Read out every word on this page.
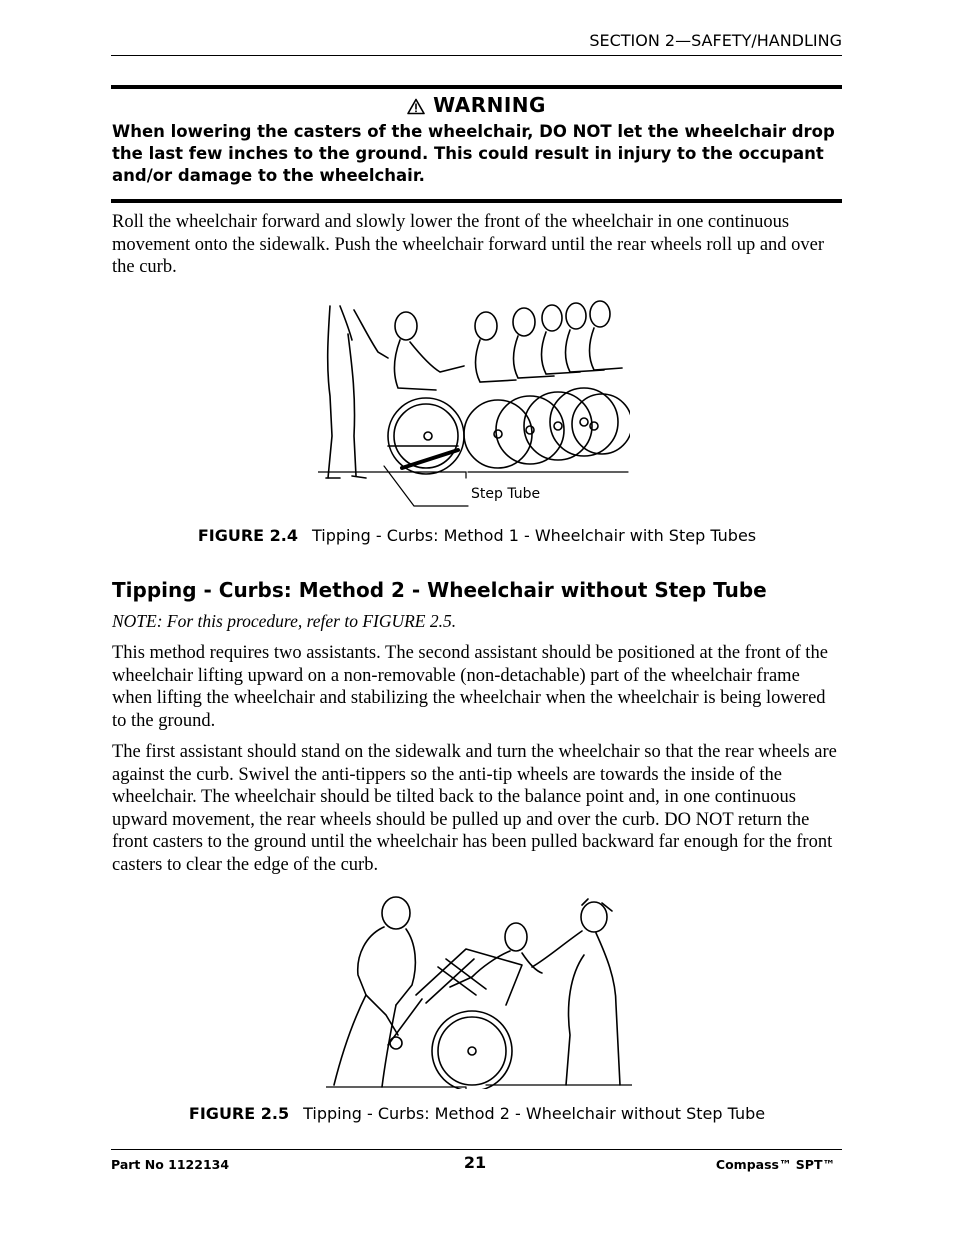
SECTION 2—SAFETY/HANDLING
WARNING
When lowering the casters of the wheelchair, DO NOT let the wheelchair drop the last few inches to the ground. This could result in injury to the occupant and/or damage to the wheelchair.
Roll the wheelchair forward and slowly lower the front of the wheelchair in one continuous movement onto the sidewalk. Push the wheelchair forward until the rear wheels roll up and over the curb.
Step Tube
FIGURE 2.4 Tipping - Curbs: Method 1 - Wheelchair with Step Tubes
Tipping - Curbs: Method 2 - Wheelchair without Step Tube
NOTE: For this procedure, refer to FIGURE 2.5.
This method requires two assistants. The second assistant should be positioned at the front of the wheelchair lifting upward on a non-removable (non-detachable) part of the wheelchair frame when lifting the wheelchair and stabilizing the wheelchair when the wheelchair is being lowered to the ground.
The first assistant should stand on the sidewalk and turn the wheelchair so that the rear wheels are against the curb. Swivel the anti-tippers so the anti-tip wheels are towards the inside of the wheelchair. The wheelchair should be tilted back to the balance point and, in one continuous upward movement, the rear wheels should be pulled up and over the curb. DO NOT return the front casters to the ground until the wheelchair has been pulled backward far enough for the front casters to clear the edge of the curb.
FIGURE 2.5 Tipping - Curbs: Method 2 - Wheelchair without Step Tube
Part No 1122134	21	Compass™ SPT™
